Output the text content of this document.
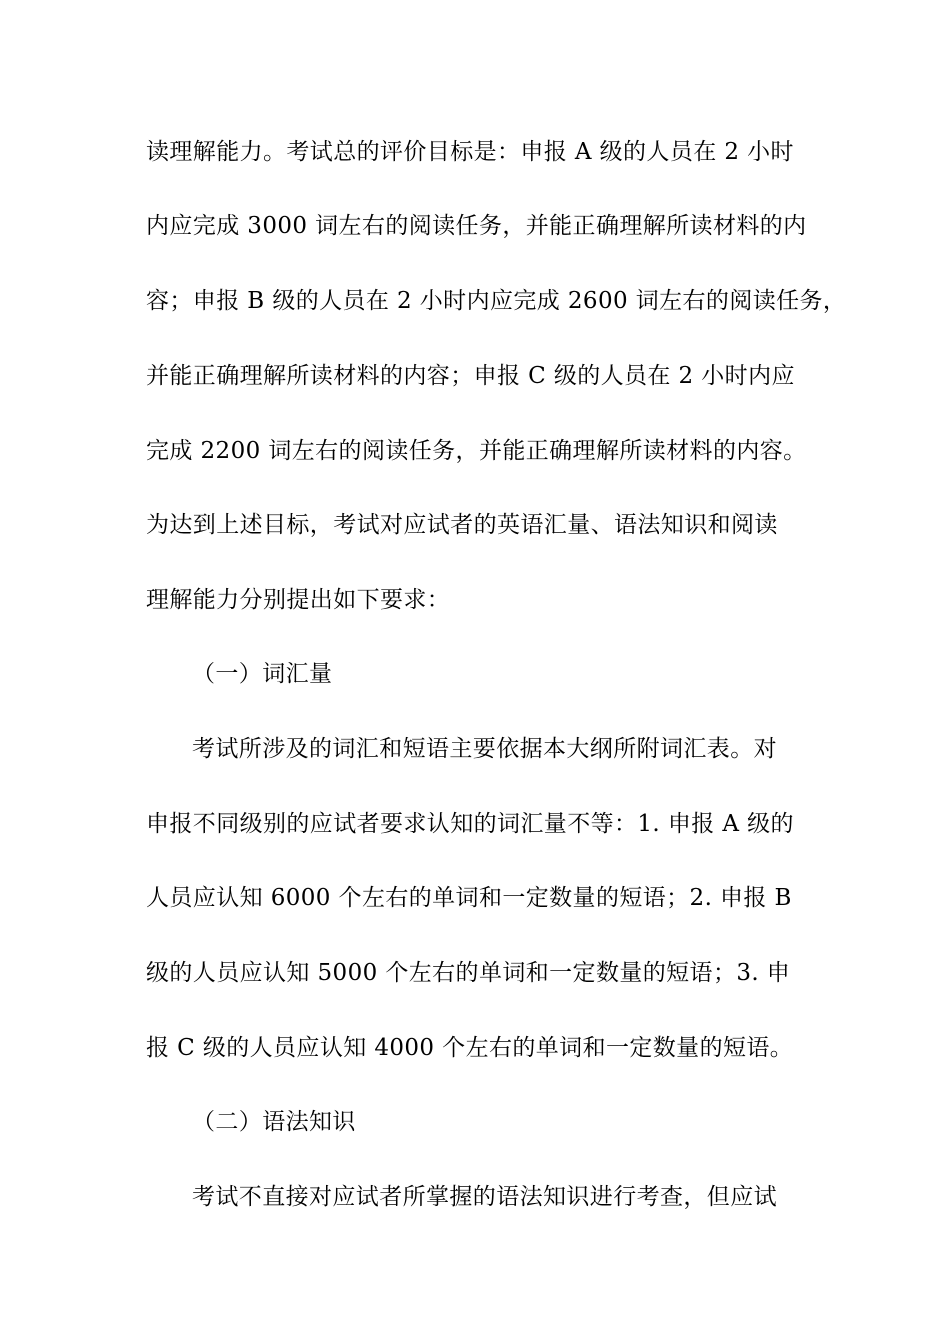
读理解能力。考试总的评价目标是：申报 A 级的人员在 2 小时
内应完成 3000 词左右的阅读任务，并能正确理解所读材料的内
容；申报 B 级的人员在 2 小时内应完成 2600 词左右的阅读任务，
并能正确理解所读材料的内容；申报 C 级的人员在 2 小时内应
完成 2200 词左右的阅读任务，并能正确理解所读材料的内容。
为达到上述目标，考试对应试者的英语汇量、语法知识和阅读
理解能力分别提出如下要求：
（一）词汇量
考试所涉及的词汇和短语主要依据本大纲所附词汇表。对
申报不同级别的应试者要求认知的词汇量不等：1. 申报 A 级的
人员应认知 6000 个左右的单词和一定数量的短语；2. 申报 B
级的人员应认知 5000 个左右的单词和一定数量的短语；3. 申
报 C 级的人员应认知 4000 个左右的单词和一定数量的短语。
（二）语法知识
考试不直接对应试者所掌握的语法知识进行考查，但应试
